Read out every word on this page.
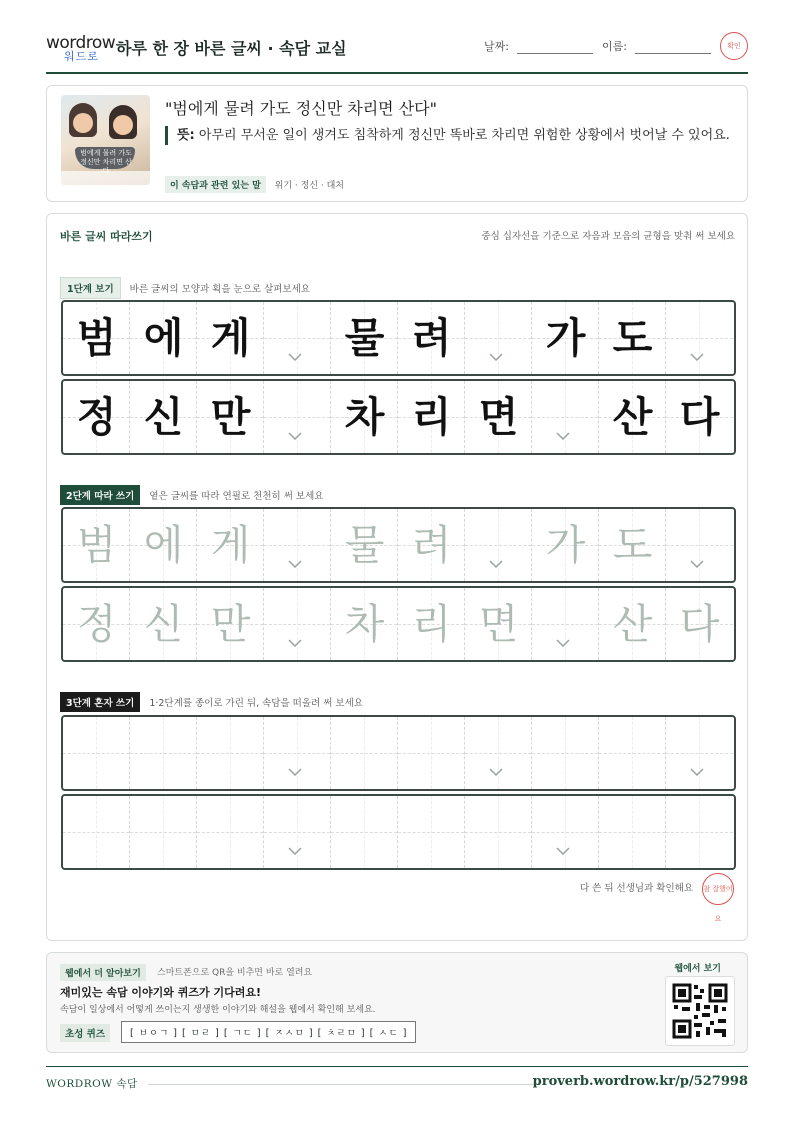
wordrow
워드로 하루 한 장 바른 글씨 · 속담 교실	날짜:	이름:	확인
범에게 물려 가도 정신만 차리면 산
"범에게 물려 가도 정신만 차리면 산다"
뜻: 아무리 무서운 일이 생겨도 침착하게 정신만 똑바로 차리면 위험한 상황에서 벗어날 수 있어요.
이 속담과 관련 있는 말 위기 · 정신 · 대처
바른 글씨 따라쓰기	중심 십자선을 기준으로 자음과 모음의 균형을 맞춰 써 보세요
1단계 보기 바른 글씨의 모양과 획을 눈으로 살펴보세요
범 에 게	물 려	가 도
정 신 만	차 리 면	산 다
2단계 따라 쓰기 옅은 글씨를 따라 연필로 천천히 써 보세요
범 에 게	물 려	가 도
정 신 만	차 리 면	산 다
3단계 혼자 쓰기 1·2단계를 종이로 가린 뒤, 속담을 떠올려 써 보세요
다 쓴 뒤 선생님과 확인해요 참 잘했어요
웹에서 더 알아보기	스마트폰으로 QR을 비추면 바로 열려요
재미있는 속담 이야기와 퀴즈가 기다려요!
속담이 일상에서 어떻게 쓰이는지 생생한 이야기와 해설을 웹에서 확인해 보세요.
초성 퀴즈	[ ㅂㅇㄱ ] [ ㅁㄹ ] [ ㄱㄷ ] [ ㅈㅅㅁ ] [ ㅊㄹㅁ ] [ ㅅㄷ ]
웹에서 보기
WORDROW 속담	proverb.wordrow.kr/p/527998
